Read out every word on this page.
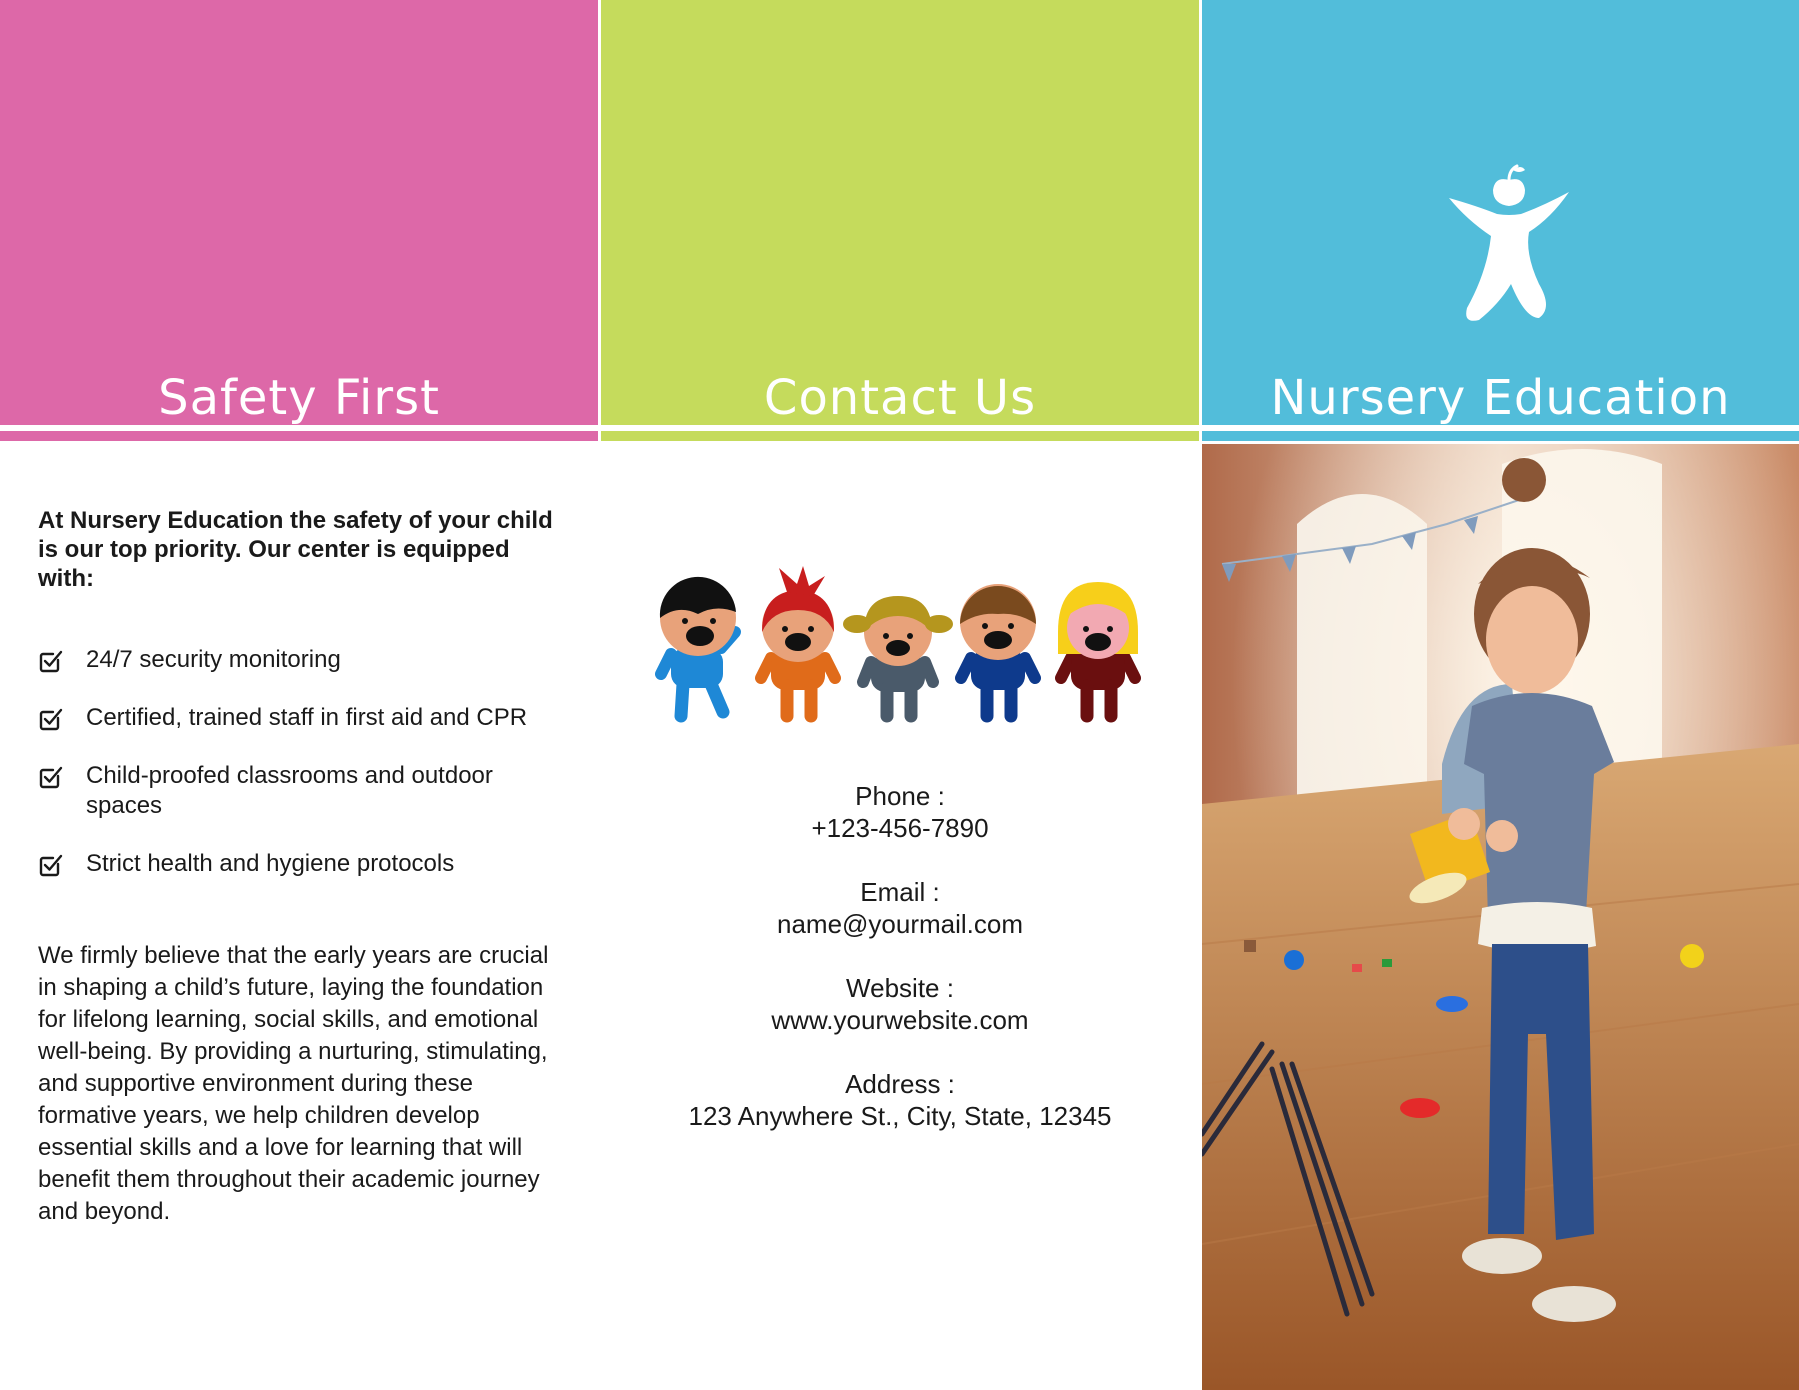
Safety First

At Nursery Education the safety of your child is our top priority. Our center is equipped with:

24/7 security monitoring
Certified, trained staff in first aid and CPR
Child-proofed classrooms and outdoor spaces
Strict health and hygiene protocols

We firmly believe that the early years are crucial in shaping a child’s future, laying the foundation for lifelong learning, social skills, and emotional well-being. By providing a nurturing, stimulating, and supportive environment during these formative years, we help children develop essential skills and a love for learning that will benefit them throughout their academic journey and beyond.

Contact Us
Phone :
+123-456-7890
Email :
name@yourmail.com
Website :
www.yourwebsite.com
Address :
123 Anywhere St., City, State, 12345
Nursery Education
